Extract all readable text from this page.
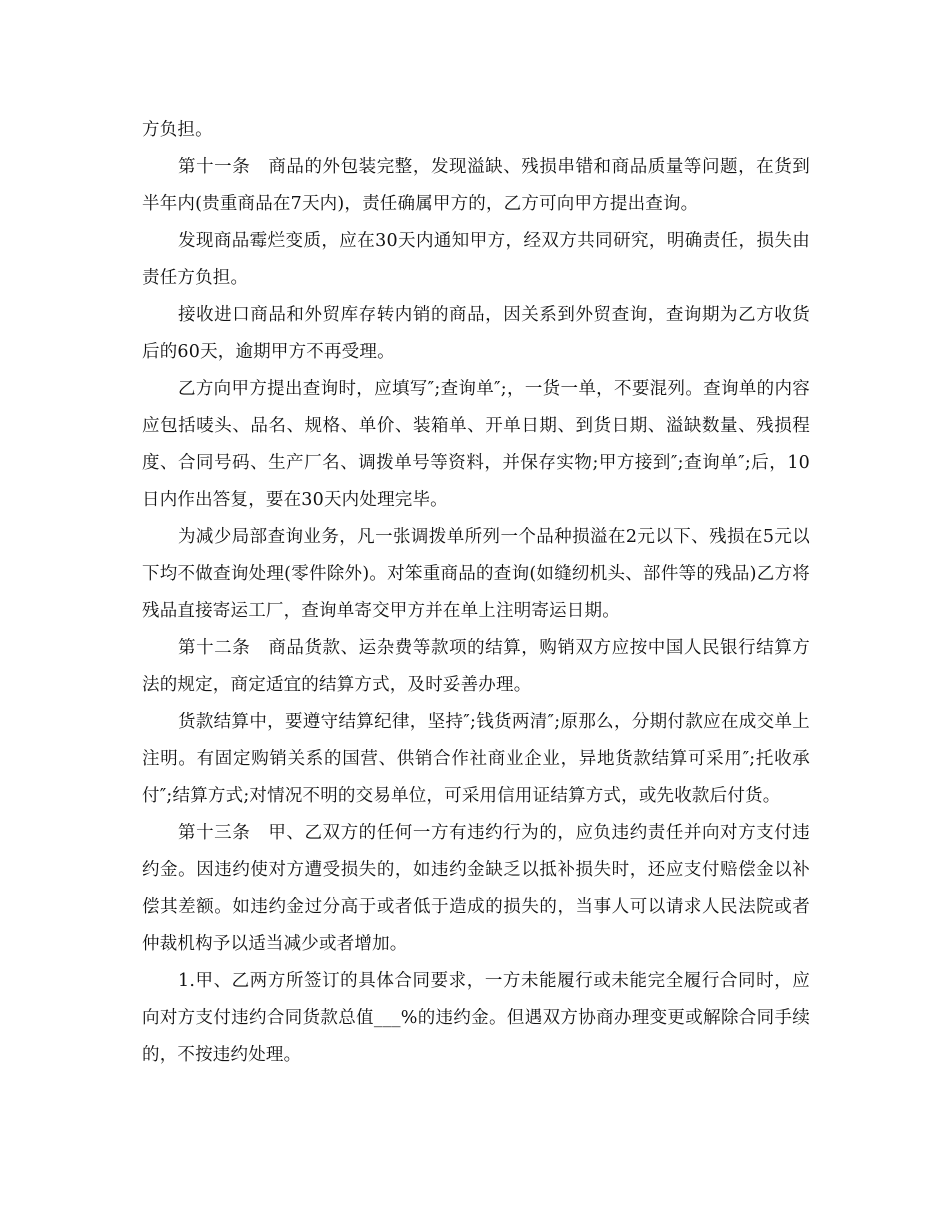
方负担。

第十一条　商品的外包装完整，发现溢缺、残损串错和商品质量等问题，在货到半年内(贵重商品在7天内)，责任确属甲方的，乙方可向甲方提出查询。

发现商品霉烂变质，应在30天内通知甲方，经双方共同研究，明确责任，损失由责任方负担。

接收进口商品和外贸库存转内销的商品，因关系到外贸查询，查询期为乙方收货后的60天，逾期甲方不再受理。

乙方向甲方提出查询时，应填写″;查询单″;，一货一单，不要混列。查询单的内容应包括唛头、品名、规格、单价、装箱单、开单日期、到货日期、溢缺数量、残损程度、合同号码、生产厂名、调拨单号等资料，并保存实物;甲方接到″;查询单″;后，10日内作出答复，要在30天内处理完毕。

为减少局部查询业务，凡一张调拨单所列一个品种损溢在2元以下、残损在5元以下均不做查询处理(零件除外)。对笨重商品的查询(如缝纫机头、部件等的残品)乙方将残品直接寄运工厂，查询单寄交甲方并在单上注明寄运日期。

第十二条　商品货款、运杂费等款项的结算，购销双方应按中国人民银行结算方法的规定，商定适宜的结算方式，及时妥善办理。

货款结算中，要遵守结算纪律，坚持″;钱货两清″;原那么，分期付款应在成交单上注明。有固定购销关系的国营、供销合作社商业企业，异地货款结算可采用″;托收承付″;结算方式;对情况不明的交易单位，可采用信用证结算方式，或先收款后付货。

第十三条　甲、乙双方的任何一方有违约行为的，应负违约责任并向对方支付违约金。因违约使对方遭受损失的，如违约金缺乏以抵补损失时，还应支付赔偿金以补偿其差额。如违约金过分高于或者低于造成的损失的，当事人可以请求人民法院或者仲裁机构予以适当减少或者增加。

1.甲、乙两方所签订的具体合同要求，一方未能履行或未能完全履行合同时，应向对方支付违约合同货款总值___%的违约金。但遇双方协商办理变更或解除合同手续的，不按违约处理。
